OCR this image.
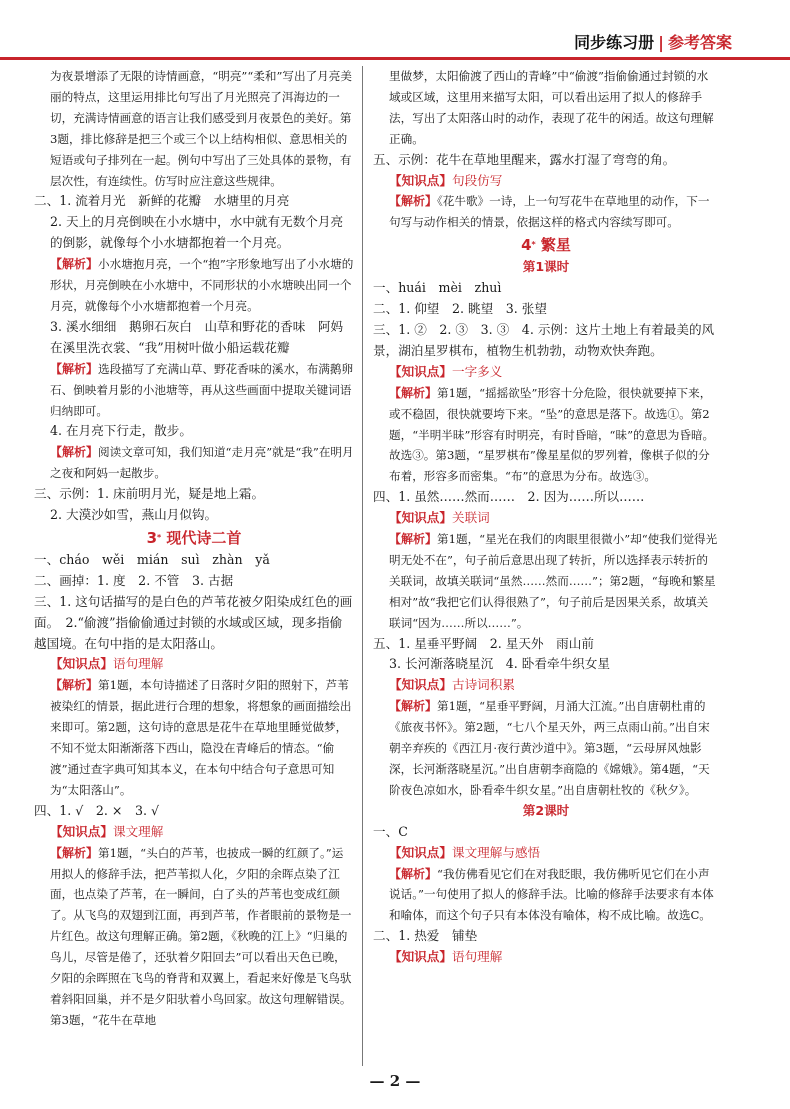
同步练习册 | 参考答案

为夜景增添了无限的诗情画意，“明亮”“柔和”写出了月亮美丽的特点，这里运用排比句写出了月光照亮了洱海边的一切，充满诗情画意的语言让我们感受到月夜景色的美好。第3题，排比修辞是把三个或三个以上结构相似、意思相关的短语或句子排列在一起。例句中写出了三处具体的景物，有层次性，有连续性。仿写时应注意这些规律。

二、1. 流着月光　新鲜的花瓣　水塘里的月亮

2. 天上的月亮倒映在小水塘中，水中就有无数个月亮的倒影，就像每个小水塘都抱着一个月亮。

【解析】小水塘抱月亮，一个“抱”字形象地写出了小水塘的形状，月亮倒映在小水塘中，不同形状的小水塘映出同一个月亮，就像每个小水塘都抱着一个月亮。

3. 溪水细细　鹅卵石灰白　山草和野花的香味　阿妈在溪里洗衣裳、“我”用树叶做小船运载花瓣

【解析】选段描写了充满山草、野花香味的溪水，布满鹅卵石、倒映着月影的小池塘等，再从这些画面中提取关键词语归纳即可。

4. 在月亮下行走，散步。

【解析】阅读文章可知，我们知道“走月亮”就是“我”在明月之夜和阿妈一起散步。

三、示例：1. 床前明月光，疑是地上霜。

2. 大漠沙如雪，燕山月似钩。

3* 现代诗二首

一、cháo　wěi　mián　suì　zhàn　yǎ

二、画掉：1. 度　2. 不管　3. 古据

三、1. 这句话描写的是白色的芦苇花被夕阳染成红色的画面。　2.“偷渡”指偷偷通过封锁的水域或区域，现多指偷越国境。在句中指的是太阳落山。

【知识点】语句理解

【解析】第1题，本句诗描述了日落时夕阳的照射下，芦苇被染红的情景，据此进行合理的想象，将想象的画面描绘出来即可。第2题，这句诗的意思是花牛在草地里睡觉做梦，不知不觉太阳渐渐落下西山，隐没在青峰后的情态。“偷渡”通过查字典可知其本义，在本句中结合句子意思可知为“太阳落山”。

四、1. √　2. ×　3. √

【知识点】课文理解

【解析】第1题，“头白的芦苇，也披成一瞬的红颜了。”运用拟人的修辞手法，把芦苇拟人化，夕阳的余晖点染了江面，也点染了芦苇，在一瞬间，白了头的芦苇也变成红颜了。从飞鸟的双翅到江面，再到芦苇，作者眼前的景物是一片红色。故这句理解正确。第2题，《秋晚的江上》“归巢的鸟儿，尽管是倦了，还驮着夕阳回去”可以看出天色已晚，夕阳的余晖照在飞鸟的脊背和双翼上，看起来好像是飞鸟驮着斜阳回巢，并不是夕阳驮着小鸟回家。故这句理解错误。第3题，“花牛在草地

里做梦，太阳偷渡了西山的青峰”中“偷渡”指偷偷通过封锁的水域或区域，这里用来描写太阳，可以看出运用了拟人的修辞手法，写出了太阳落山时的动作，表现了花牛的闲适。故这句理解正确。

五、示例：花牛在草地里醒来，露水打湿了弯弯的角。

【知识点】句段仿写

【解析】《花牛歌》一诗，上一句写花牛在草地里的动作，下一句写与动作相关的情景，依据这样的格式内容续写即可。

4* 繁星
第1课时

一、huái　mèi　zhuì

二、1. 仰望　2. 眺望　3. 张望

三、1. ②　2. ③　3. ③　4. 示例：这片土地上有着最美的风景，湖泊星罗棋布，植物生机勃勃，动物欢快奔跑。

【知识点】一字多义

【解析】第1题，“摇摇欲坠”形容十分危险，很快就要掉下来，或不稳固，很快就要垮下来。“坠”的意思是落下。故选①。第2题，“半明半昧”形容有时明亮，有时昏暗，“昧”的意思为昏暗。故选③。第3题，“星罗棋布”像星星似的罗列着，像棋子似的分布着，形容多而密集。“布”的意思为分布。故选③。

四、1. 虽然……然而……　2. 因为……所以……

【知识点】关联词

【解析】第1题，“星光在我们的肉眼里很微小”却“使我们觉得光明无处不在”，句子前后意思出现了转折，所以选择表示转折的关联词，故填关联词“虽然……然而……”；第2题，“每晚和繁星相对”故“我把它们认得很熟了”，句子前后是因果关系，故填关联词“因为……所以……”。

五、1. 星垂平野阔　2. 星天外　雨山前

3. 长河渐落晓星沉　4. 卧看牵牛织女星

【知识点】古诗词积累

【解析】第1题，“星垂平野阔，月涌大江流。”出自唐朝杜甫的《旅夜书怀》。第2题，“七八个星天外，两三点雨山前。”出自宋朝辛弃疾的《西江月·夜行黄沙道中》。第3题，“云母屏风烛影深，长河渐落晓星沉。”出自唐朝李商隐的《嫦娥》。第4题，“天阶夜色凉如水，卧看牵牛织女星。”出自唐朝杜牧的《秋夕》。

第2课时

一、C

【知识点】课文理解与感悟

【解析】“我仿佛看见它们在对我眨眼，我仿佛听见它们在小声说话。”一句使用了拟人的修辞手法。比喻的修辞手法要求有本体和喻体，而这个句子只有本体没有喻体，构不成比喻。故选C。

二、1. 热爱　铺垫

【知识点】语句理解

— 2 —
